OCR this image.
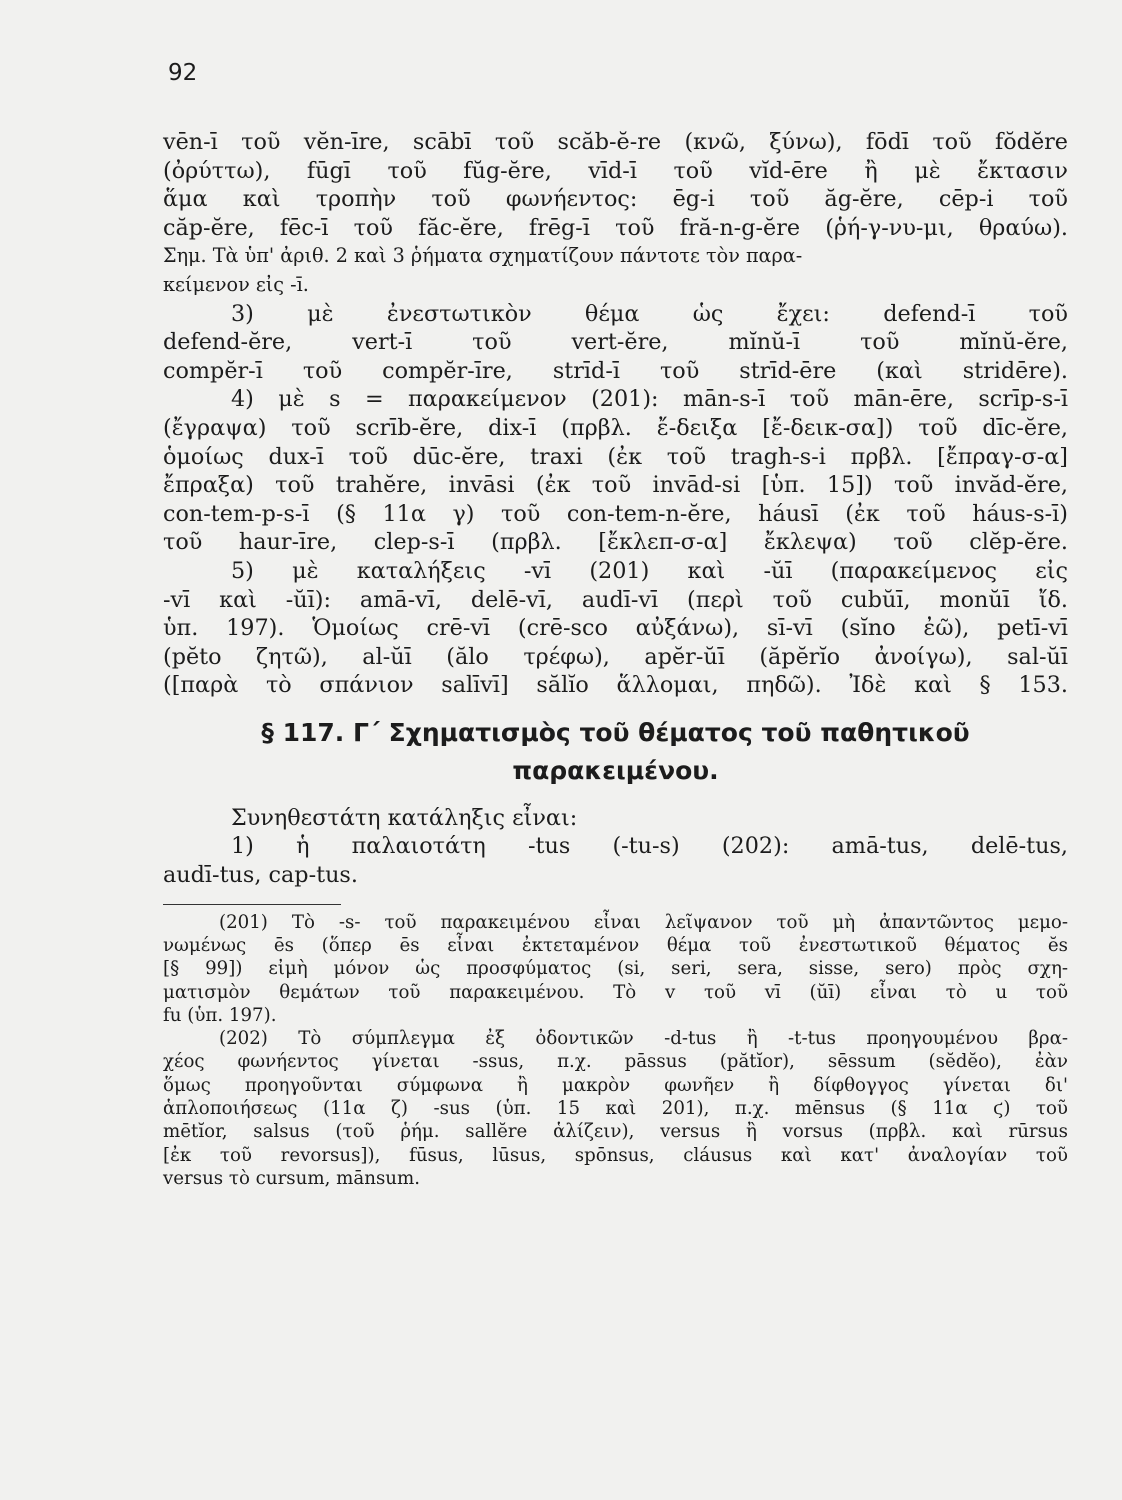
92
vēn-ī τοῦ vĕn-īre, scābī τοῦ scăb-ĕ-re (κνῶ, ξύνω), fōdī τοῦ fŏdĕre
(ὀρύττω), fūgī τοῦ fŭg-ĕre, vīd-ī τοῦ vĭd-ēre ἢ μὲ ἔκτασιν
ἅμα καὶ τροπὴν τοῦ φωνήεντος: ēg-i τοῦ ăg-ĕre, cēp-i τοῦ
căp-ĕre, fēc-ī τοῦ făc-ĕre, frēg-ī τοῦ fră-n-g-ĕre (ῥή-γ-νυ-μι, θραύω).
Σημ. Τὰ ὑπ' ἀριθ. 2 καὶ 3 ῥήματα σχηματίζουν πάντοτε τὸν παρα-
κείμενον εἰς -ī.
3) μὲ ἐνεστωτικὸν θέμα ὡς ἔχει: defend-ī τοῦ
defend-ĕre, vert-ī τοῦ vert-ĕre, mĭnŭ-ī τοῦ mĭnŭ-ĕre,
compĕr-ī τοῦ compĕr-īre, strīd-ī τοῦ strīd-ēre (καὶ stridēre).
4) μὲ s = παρακείμενον (201): mān-s-ī τοῦ mān-ēre, scrīp-s-ī
(ἔγραψα) τοῦ scrīb-ĕre, dix-ī (πρβλ. ἔ-δειξα [ἔ-δεικ-σα]) τοῦ dīc-ĕre,
ὁμοίως dux-ī τοῦ dūc-ĕre, traxi (ἐκ τοῦ tragh-s-i πρβλ. [ἔπραγ-σ-α]
ἔπραξα) τοῦ trahĕre, invāsi (ἐκ τοῦ invād-si [ὑπ. 15]) τοῦ invăd-ĕre,
con-tem-p-s-ī (§ 11α γ) τοῦ con-tem-n-ĕre, háusī (ἐκ τοῦ háus-s-ī)
τοῦ haur-īre, clep-s-ī (πρβλ. [ἔκλεπ-σ-α] ἔκλεψα) τοῦ clĕp-ĕre.
5) μὲ καταλήξεις -vī (201) καὶ -ŭī (παρακείμενος εἰς
-vī καὶ -ŭī): amā-vī, delē-vī, audī-vī (περὶ τοῦ cubŭī, monŭī ἴδ.
ὑπ. 197). Ὁμοίως crē-vī (crē-sco αὐξάνω), sī-vī (sĭno ἐῶ), petī-vī
(pĕto ζητῶ), al-ŭī (ălo τρέφω), apĕr-ŭī (ăpĕrĭo ἀνοίγω), sal-ŭī
([παρὰ τὸ σπάνιον salīvī] sălĭo ἅλλομαι, πηδῶ). Ἰδὲ καὶ § 153.
§ 117. Γ΄ Σχηματισμὸς τοῦ θέματος τοῦ παθητικοῦ
παρακειμένου.
Συνηθεστάτη κατάληξις εἶναι:
1) ἡ παλαιοτάτη -tus (-tu-s) (202): amā-tus, delē-tus,
audī-tus, cap-tus.
(201) Τὸ -s- τοῦ παρακειμένου εἶναι λεῖψανον τοῦ μὴ ἀπαντῶντος μεμο-
νωμένως ēs (ὅπερ ēs εἶναι ἐκτεταμένον θέμα τοῦ ἐνεστωτικοῦ θέματος ĕs
[§ 99]) εἰμὴ μόνον ὡς προσφύματος (si, seri, sera, sisse, sero) πρὸς σχη-
ματισμὸν θεμάτων τοῦ παρακειμένου. Τὸ v τοῦ vī (ŭī) εἶναι τὸ u τοῦ
fu (ὑπ. 197).
(202) Τὸ σύμπλεγμα ἐξ ὀδοντικῶν -d-tus ἢ -t-tus προηγουμένου βρα-
χέος φωνήεντος γίνεται -ssus, π.χ. pāssus (pătĭor), sēssum (sĕdĕo), ἐὰν
ὅμως προηγοῦνται σύμφωνα ἢ μακρὸν φωνῆεν ἢ δίφθογγος γίνεται δι'
ἁπλοποιήσεως (11α ζ) -sus (ὑπ. 15 καὶ 201), π.χ. mēnsus (§ 11α ϛ) τοῦ
mētĭor, salsus (τοῦ ῥήμ. sallĕre ἁλίζειν), versus ἢ vorsus (πρβλ. καὶ rūrsus
[ἐκ τοῦ revorsus]), fūsus, lūsus, spōnsus, cláusus καὶ κατ' ἀναλογίαν τοῦ
versus τὸ cursum, mānsum.
